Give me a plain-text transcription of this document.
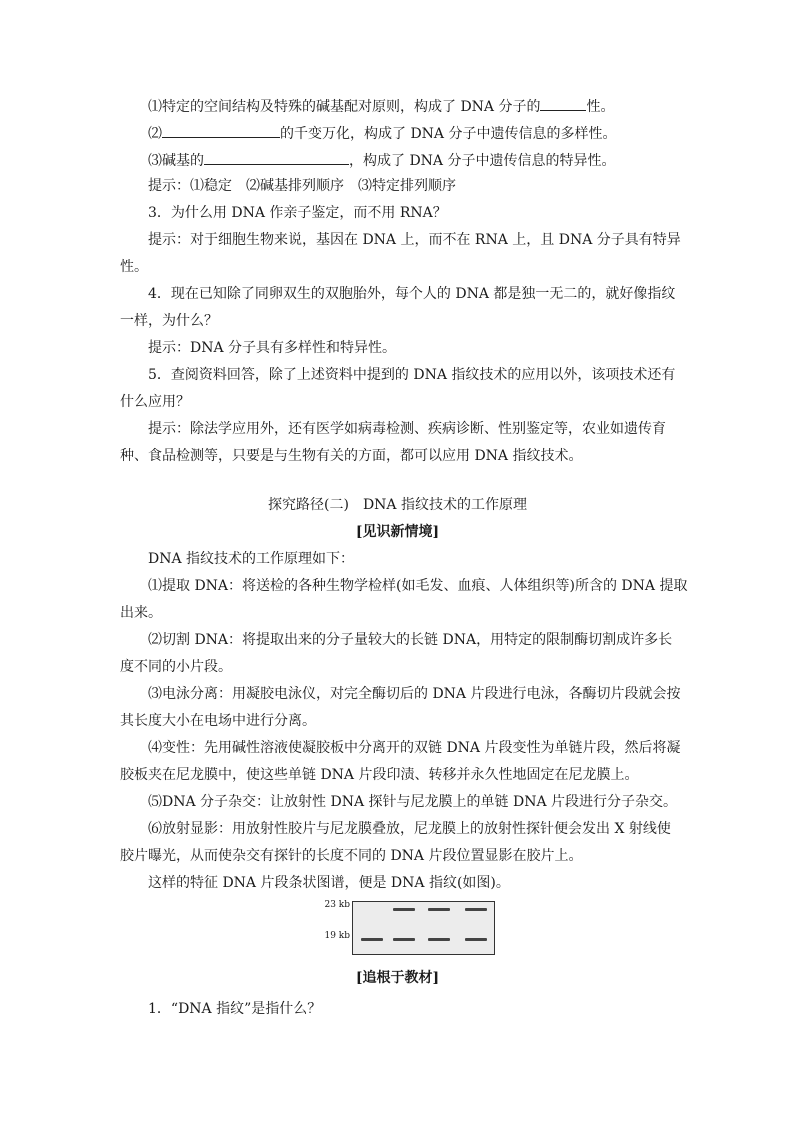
⑴特定的空间结构及特殊的碱基配对原则，构成了 DNA 分子的	性。
⑵	的千变万化，构成了 DNA 分子中遗传信息的多样性。
⑶碱基的	，构成了 DNA 分子中遗传信息的特异性。
提示：⑴稳定　⑵碱基排列顺序　⑶特定排列顺序
3．为什么用 DNA 作亲子鉴定，而不用 RNA？
提示：对于细胞生物来说，基因在 DNA 上，而不在 RNA 上，且 DNA 分子具有特异
性。
4．现在已知除了同卵双生的双胞胎外，每个人的 DNA 都是独一无二的，就好像指纹
一样，为什么？
提示：DNA 分子具有多样性和特异性。
5．查阅资料回答，除了上述资料中提到的 DNA 指纹技术的应用以外，该项技术还有
什么应用？
提示：除法学应用外，还有医学如病毒检测、疾病诊断、性别鉴定等，农业如遗传育
种、食品检测等，只要是与生物有关的方面，都可以应用 DNA 指纹技术。
探究路径(二)　DNA 指纹技术的工作原理
[见识新情境]
DNA 指纹技术的工作原理如下：
⑴提取 DNA：将送检的各种生物学检样(如毛发、血痕、人体组织等)所含的 DNA 提取
出来。
⑵切割 DNA：将提取出来的分子量较大的长链 DNA，用特定的限制酶切割成许多长
度不同的小片段。
⑶电泳分离：用凝胶电泳仪，对完全酶切后的 DNA 片段进行电泳，各酶切片段就会按
其长度大小在电场中进行分离。
⑷变性：先用碱性溶液使凝胶板中分离开的双链 DNA 片段变性为单链片段，然后将凝
胶板夹在尼龙膜中，使这些单链 DNA 片段印渍、转移并永久性地固定在尼龙膜上。
⑸DNA 分子杂交：让放射性 DNA 探针与尼龙膜上的单链 DNA 片段进行分子杂交。
⑹放射显影：用放射性胶片与尼龙膜叠放，尼龙膜上的放射性探针便会发出 X 射线使
胶片曝光，从而使杂交有探针的长度不同的 DNA 片段位置显影在胶片上。
这样的特征 DNA 片段条状图谱，便是 DNA 指纹(如图)。
23 kb
19 kb
[追根于教材]
1．“DNA 指纹”是指什么？
